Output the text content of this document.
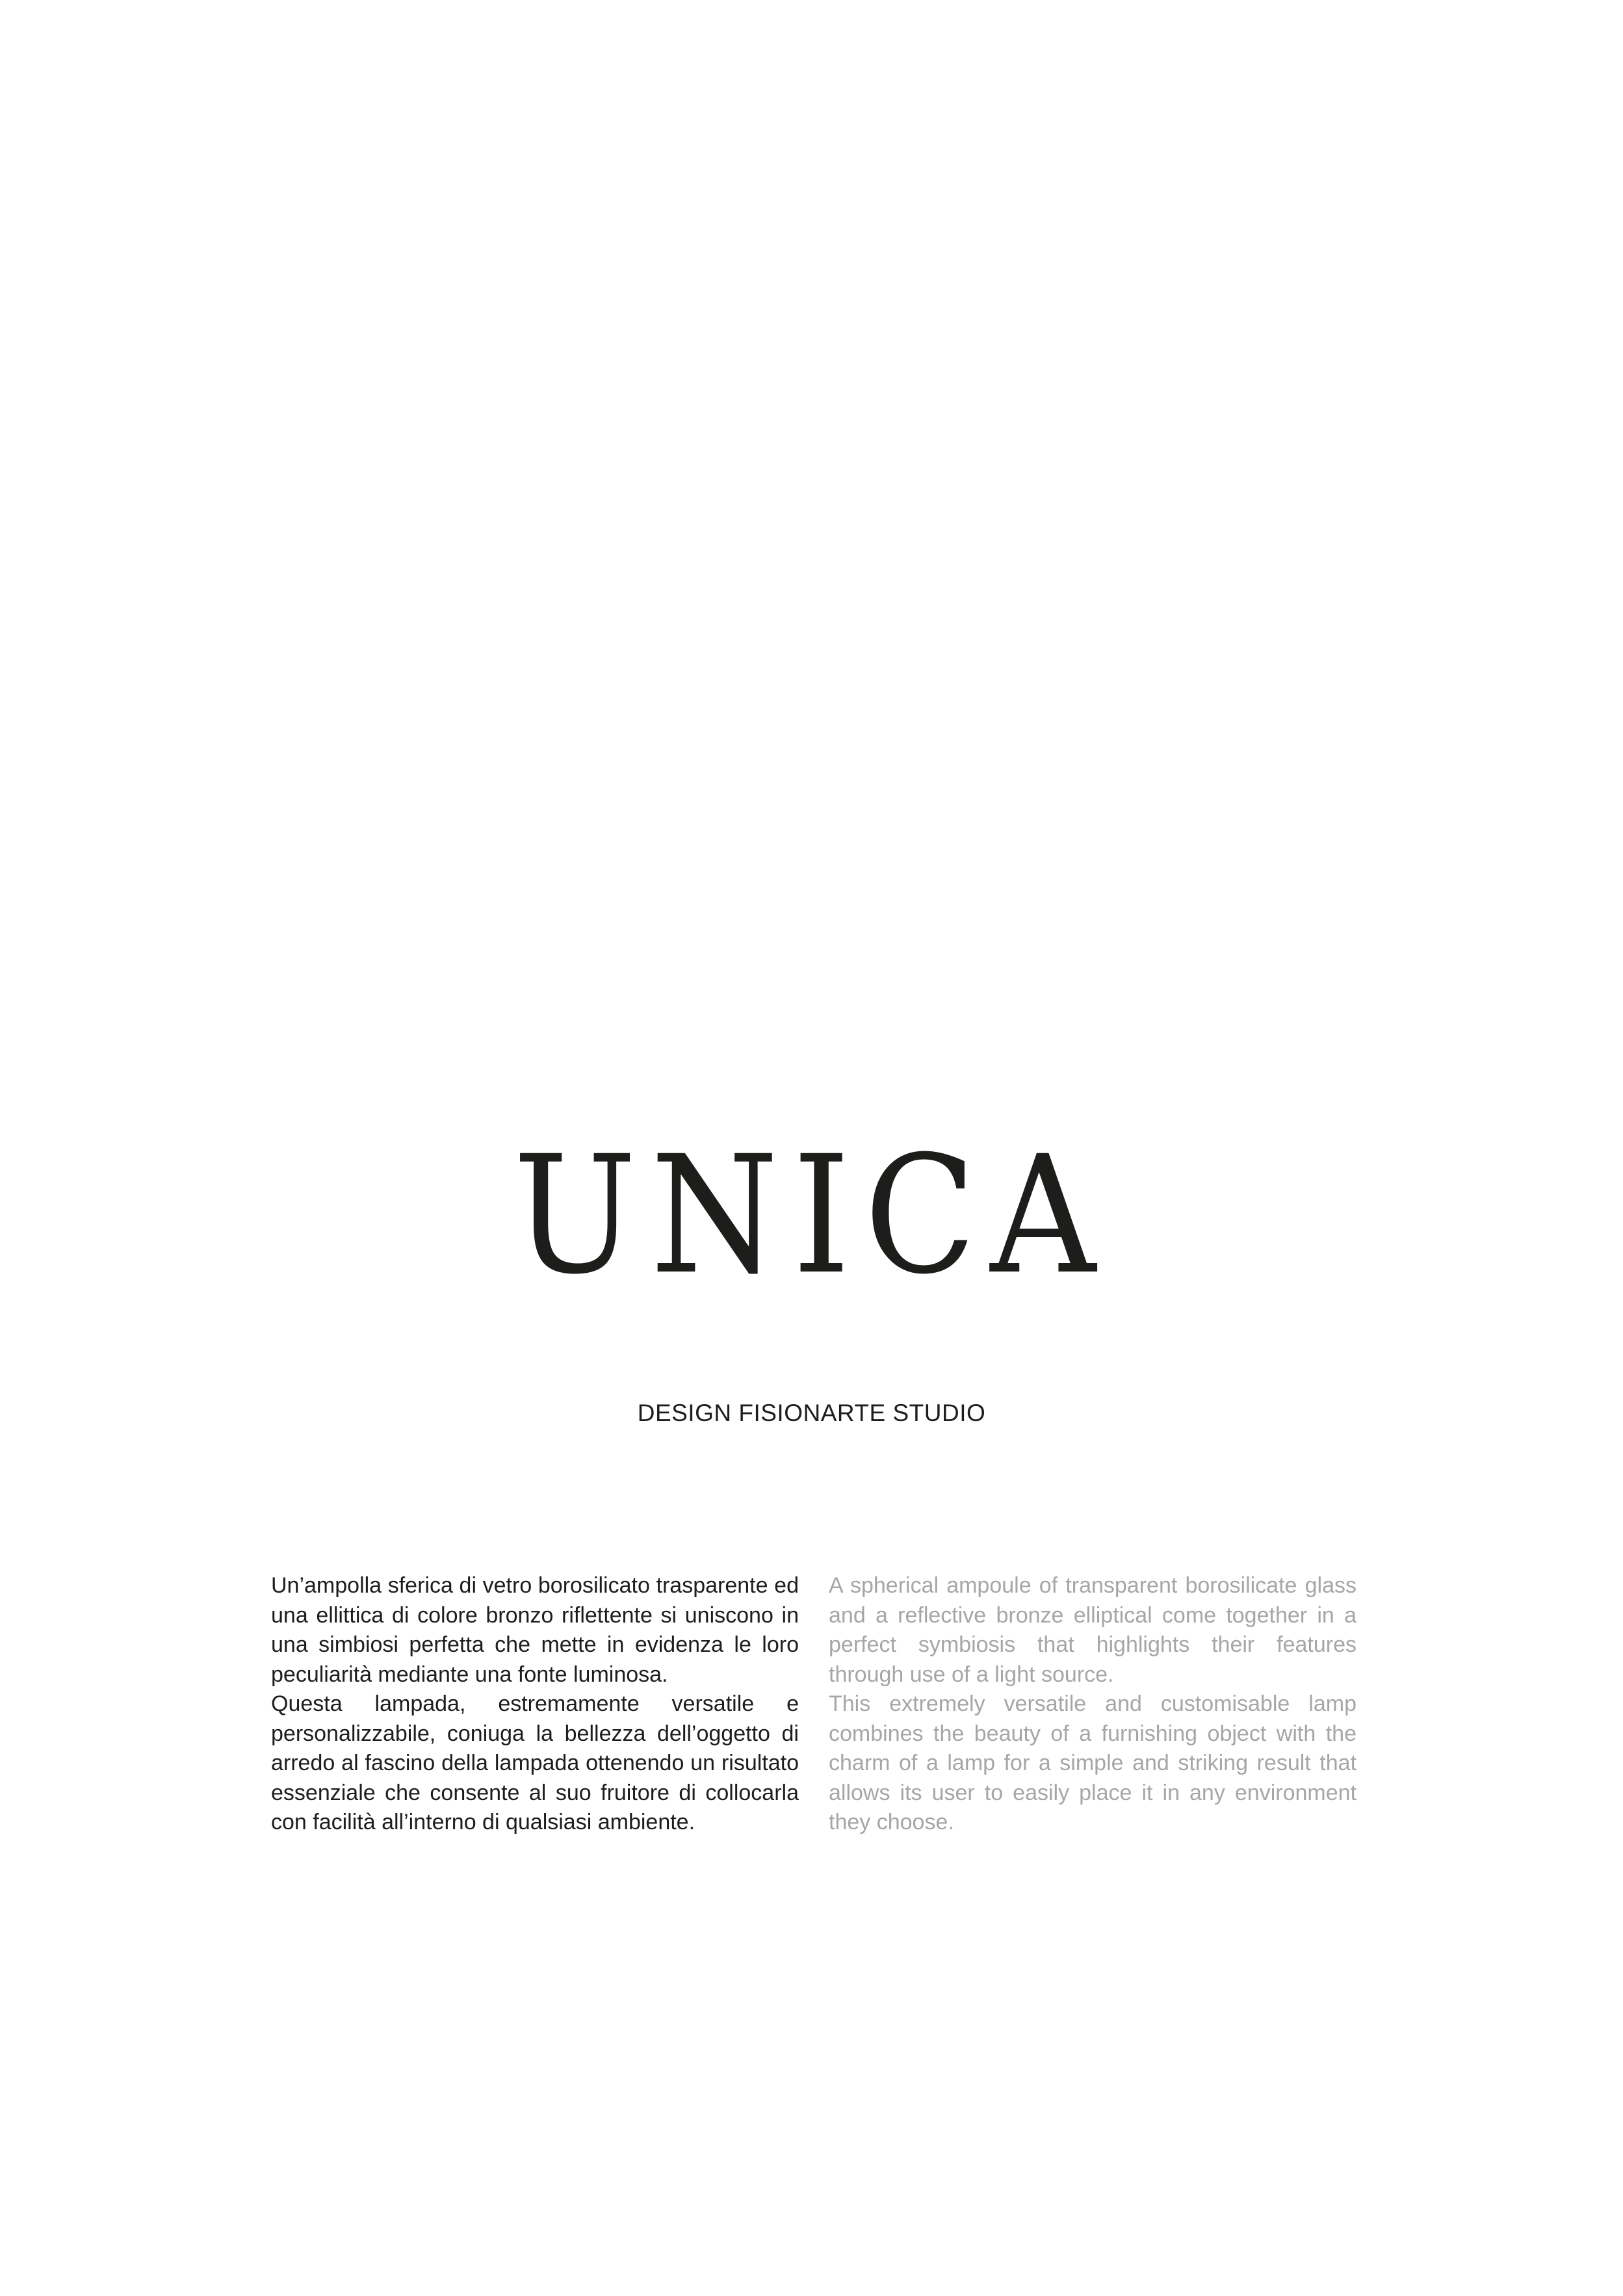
UNICA
DESIGN FISIONARTE STUDIO

Un’ampolla sferica di vetro borosilicato trasparente ed una ellittica di colore bronzo riflettente si uniscono in una simbiosi perfetta che mette in evidenza le loro peculiarità mediante una fonte luminosa.

Questa lampada, estremamente versatile e personalizzabile, coniuga la bellezza dell’oggetto di arredo al fascino della lampada ottenendo un risultato essenziale che consente al suo fruitore di collocarla con facilità all’interno di qualsiasi ambiente.

A spherical ampoule of transparent borosilicate glass and a reflective bronze elliptical come together in a perfect symbiosis that highlights their features through use of a light source.

This extremely versatile and customisable lamp combines the beauty of a furnishing object with the charm of a lamp for a simple and striking result that allows its user to easily place it in any environment they choose.
